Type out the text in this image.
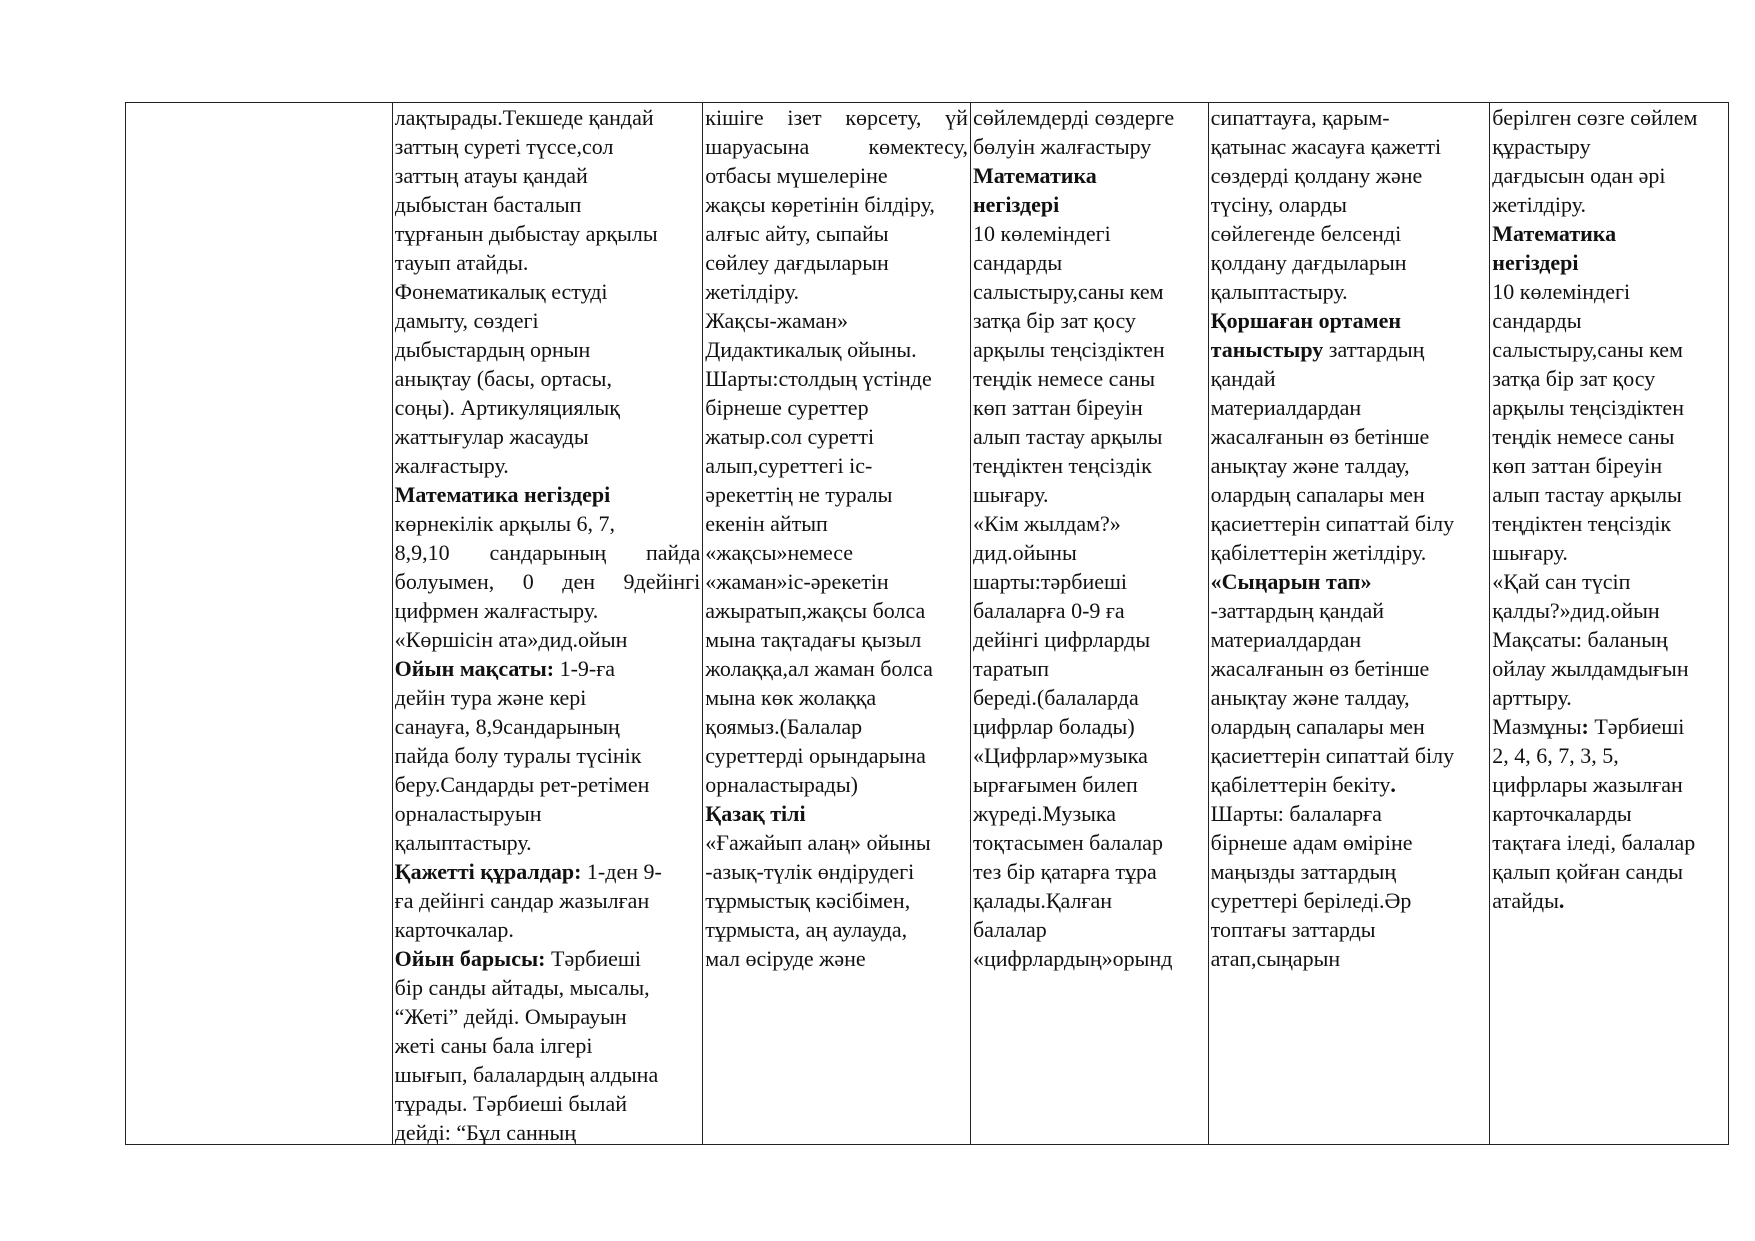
лақтырады.Текшеде қандай
заттың суреті түссе,сол
заттың атауы қандай
дыбыстан басталып
тұрғанын дыбыстау арқылы
тауып атайды.
Фонематикалық естуді
дамыту, сөздегі
дыбыстардың орнын
анықтау (басы, ортасы,
соңы). Артикуляциялық
жаттығулар жасауды
жалғастыру.
Математика негіздері
көрнекілік арқылы 6, 7,
8,9,10 сандарының пайда
болуымен, 0 ден 9дейінгі
цифрмен жалғастыру.
«Көршісін ата»дид.ойын
Ойын мақсаты: 1-9-ға
дейін тура және кері
санауға, 8,9сандарының
пайда болу туралы түсінік
беру.Сандарды рет-ретімен
орналастыруын
қалыптастыру.
Қажетті құралдар: 1-ден 9-
ға дейінгі сандар жазылған
карточкалар.
Ойын барысы: Тәрбиеші
бір санды айтады, мысалы,
“Жеті” дейді. Омырауын
жеті саны бала ілгері
шығып, балалардың алдына
тұрады. Тәрбиеші былай
дейді: “Бұл санның
кішіге ізет көрсету, үй
шаруасына көмектесу,
отбасы мүшелеріне
жақсы көретінін білдіру,
алғыс айту, сыпайы
сөйлеу дағдыларын
жетілдіру.
Жақсы-жаман»
Дидактикалық ойыны.
Шарты:столдың үстінде
бірнеше суреттер
жатыр.сол суретті
алып,суреттегі іс-
әрекеттің не туралы
екенін айтып
«жақсы»немесе
«жаман»іс-әрекетін
ажыратып,жақсы болса
мына тақтадағы қызыл
жолаққа,ал жаман болса
мына көк жолаққа
қоямыз.(Балалар
суреттерді орындарына
орналастырады)
Қазақ тілі
«Ғажайып алаң» ойыны
-азық-түлік өндірудегі
тұрмыстық кәсібімен,
тұрмыста, аң аулауда,
мал өсіруде және
сөйлемдерді сөздерге
бөлуін жалғастыру
Математика
негіздері
10 көлеміндегі
сандарды
салыстыру,саны кем
затқа бір зат қосу
арқылы теңсіздіктен
теңдік немесе саны
көп заттан біреуін
алып тастау арқылы
теңдіктен теңсіздік
шығару.
«Кім жылдам?»
дид.ойыны
шарты:тәрбиеші
балаларға 0-9 ға
дейінгі цифрларды
таратып
береді.(балаларда
цифрлар болады)
«Цифрлар»музыка
ырғағымен билеп
жүреді.Музыка
тоқтасымен балалар
тез бір қатарға тұра
қалады.Қалған
балалар
«цифрлардың»орынд
сипаттауға, қарым-
қатынас жасауға қажетті
сөздерді қолдану және
түсіну, оларды
сөйлегенде белсенді
қолдану дағдыларын
қалыптастыру.
Қоршаған ортамен
таныстыру заттардың
қандай
материалдардан
жасалғанын өз бетінше
анықтау және талдау,
олардың сапалары мен
қасиеттерін сипаттай білу
қабілеттерін жетілдіру.
«Сыңарын тап»
-заттардың қандай
материалдардан
жасалғанын өз бетінше
анықтау және талдау,
олардың сапалары мен
қасиеттерін сипаттай білу
қабілеттерін бекіту.
Шарты: балаларға
бірнеше адам өміріне
маңызды заттардың
суреттері беріледі.Әр
топтағы заттарды
атап,сыңарын
берілген сөзге сөйлем
құрастыру
дағдысын одан әрі
жетілдіру.
Математика
негіздері
10 көлеміндегі
сандарды
салыстыру,саны кем
затқа бір зат қосу
арқылы теңсіздіктен
теңдік немесе саны
көп заттан біреуін
алып тастау арқылы
теңдіктен теңсіздік
шығару.
«Қай сан түсіп
қалды?»дид.ойын
Мақсаты: баланың
ойлау жылдамдығын
арттыру.
Мазмұны: Тәрбиеші
2, 4, 6, 7, 3, 5,
цифрлары жазылған
карточкаларды
тақтаға іледі, балалар
қалып қойған санды
атайды.
